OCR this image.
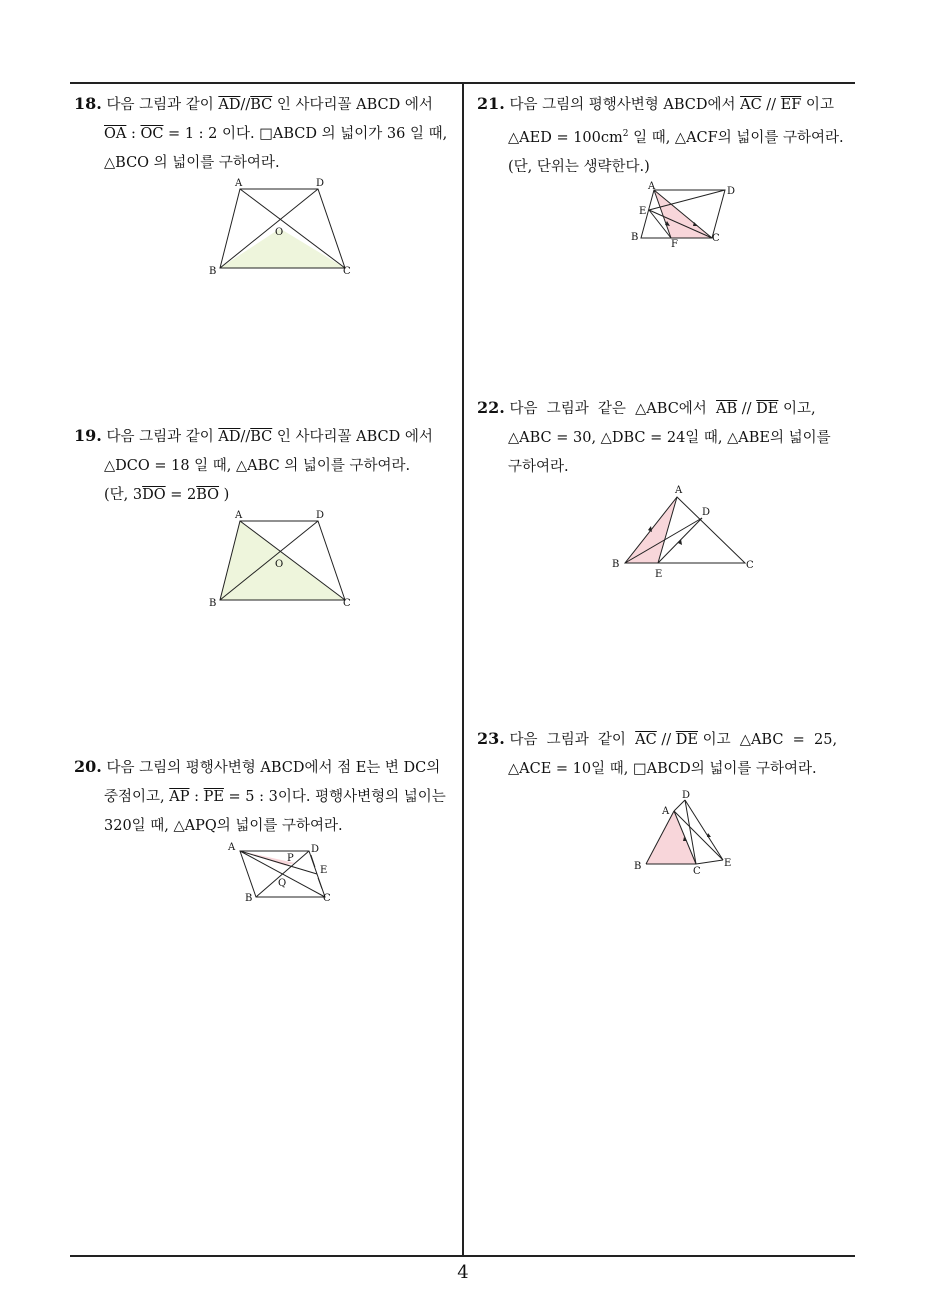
18. 다음 그림과 같이 $\overline{AD}//\overline{BC}$ 인 사다리꼴 ABCD 에서
$\overline{OA}$ : $\overline{OC} = 1$ : 2 이다. □ABCD 의 넓이가 36 일 때,
△BCO 의 넓이를 구하여라.
A	D
B	C
O
19. 다음 그림과 같이 $\overline{AD}//\overline{BC}$ 인 사다리꼴 ABCD 에서
△DCO = 18 일 때, △ABC 의 넓이를 구하여라.
(단, $3\overline{DO} = 2\overline{BO}$ )
A	D
B	C
O
20. 다음 그림의 평행사변형 ABCD에서 점 E는 변 DC의
중점이고, $\overline{AP}$ : $\overline{PE} = 5$ : 3이다. 평행사변형의 넓이는
320일 때, △APQ의 넓이를 구하여라.
A	D
P
E
Q
B	C
21. 다음 그림의 평행사변형 ABCD에서 $\overline{AC} // \overline{EF}$ 이고
△AED = $100cm^2$ 일 때, △ACF의 넓이를 구하여라.
(단, 단위는 생략한다.)
A	D
E
B
F
C
22. 다음  그림과  같은  △ABC에서  $\overline{AB} // \overline{DE}$ 이고,
△ABC = 30, △DBC = 24일 때, △ABE의 넓이를
구하여라.
A
D
B
E
C
23. 다음  그림과  같이  $\overline{AC} // \overline{DE}$ 이고  △ABC  =  25,
△ACE = 10일 때, □ABCD의 넓이를 구하여라.
D
A
B	C
E
4
